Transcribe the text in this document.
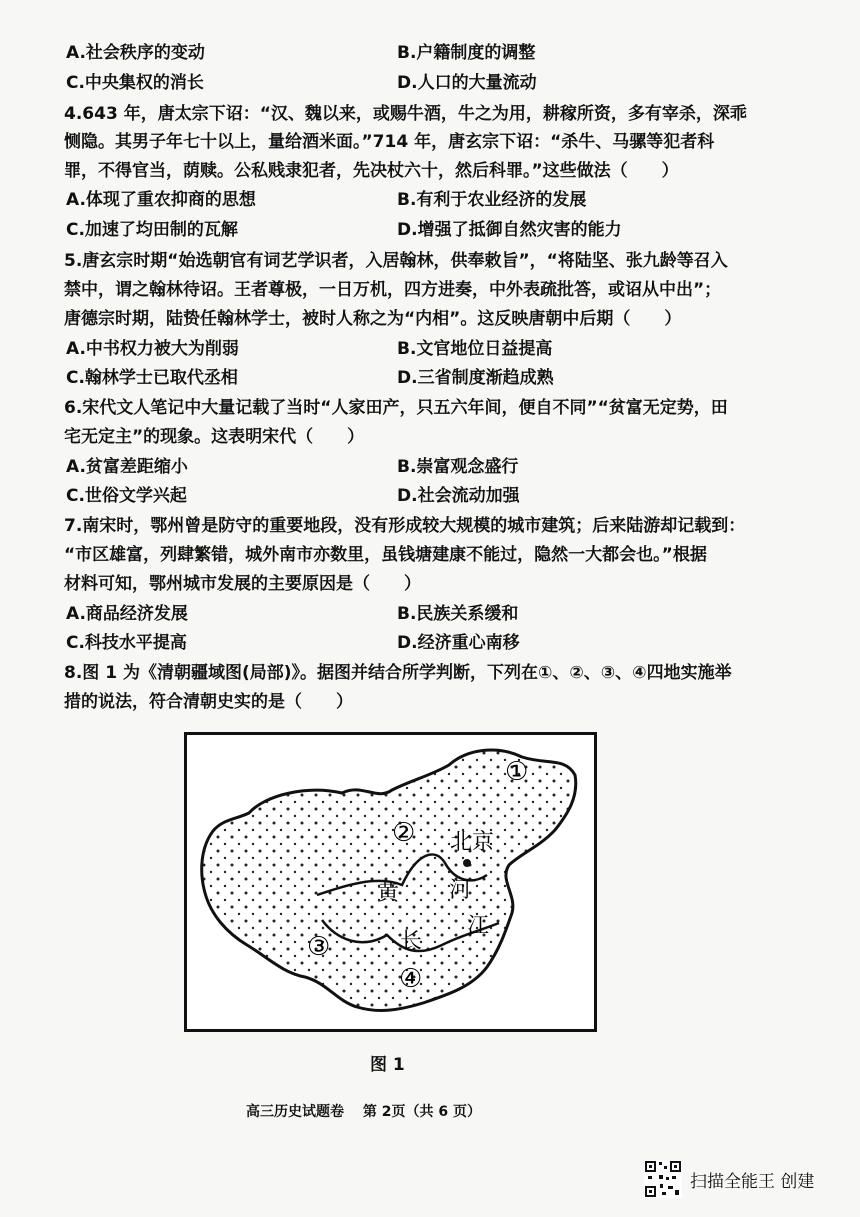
A.社会秩序的变动	B.户籍制度的调整
C.中央集权的消长	D.人口的大量流动
4.643 年，唐太宗下诏：“汉、魏以来，或赐牛酒，牛之为用，耕稼所资，多有宰杀，深乖
恻隐。其男子年七十以上，量给酒米面。”714 年，唐玄宗下诏：“杀牛、马骡等犯者科
罪，不得官当，荫赎。公私贱隶犯者，先决杖六十，然后科罪。”这些做法（　　）
A.体现了重农抑商的思想	B.有利于农业经济的发展
C.加速了均田制的瓦解	D.增强了抵御自然灾害的能力
5.唐玄宗时期“始选朝官有词艺学识者，入居翰林，供奉敕旨”，“将陆坚、张九龄等召入
禁中，谓之翰林待诏。王者尊极，一日万机，四方进奏，中外表疏批答，或诏从中出”；
唐德宗时期，陆贽任翰林学士，被时人称之为“内相”。这反映唐朝中后期（　　）
A.中书权力被大为削弱	B.文官地位日益提高
C.翰林学士已取代丞相	D.三省制度渐趋成熟
6.宋代文人笔记中大量记载了当时“人家田产，只五六年间，便自不同”“贫富无定势，田
宅无定主”的现象。这表明宋代（　　）
A.贫富差距缩小	B.崇富观念盛行
C.世俗文学兴起	D.社会流动加强
7.南宋时，鄂州曾是防守的重要地段，没有形成较大规模的城市建筑；后来陆游却记载到：
“市区雄富，列肆繁错，城外南市亦数里，虽钱塘建康不能过，隐然一大都会也。”根据
材料可知，鄂州城市发展的主要原因是（　　）
A.商品经济发展	B.民族关系缓和
C.科技水平提高	D.经济重心南移
8.图 1 为《清朝疆域图(局部)》。据图并结合所学判断，下列在①、②、③、④四地实施举
措的说法，符合清朝史实的是（　　）
①
②
③
④
北京
黄 河
长
江
图 1
高三历史试题卷 第 2页（共 6 页）
扫描全能王 创建
